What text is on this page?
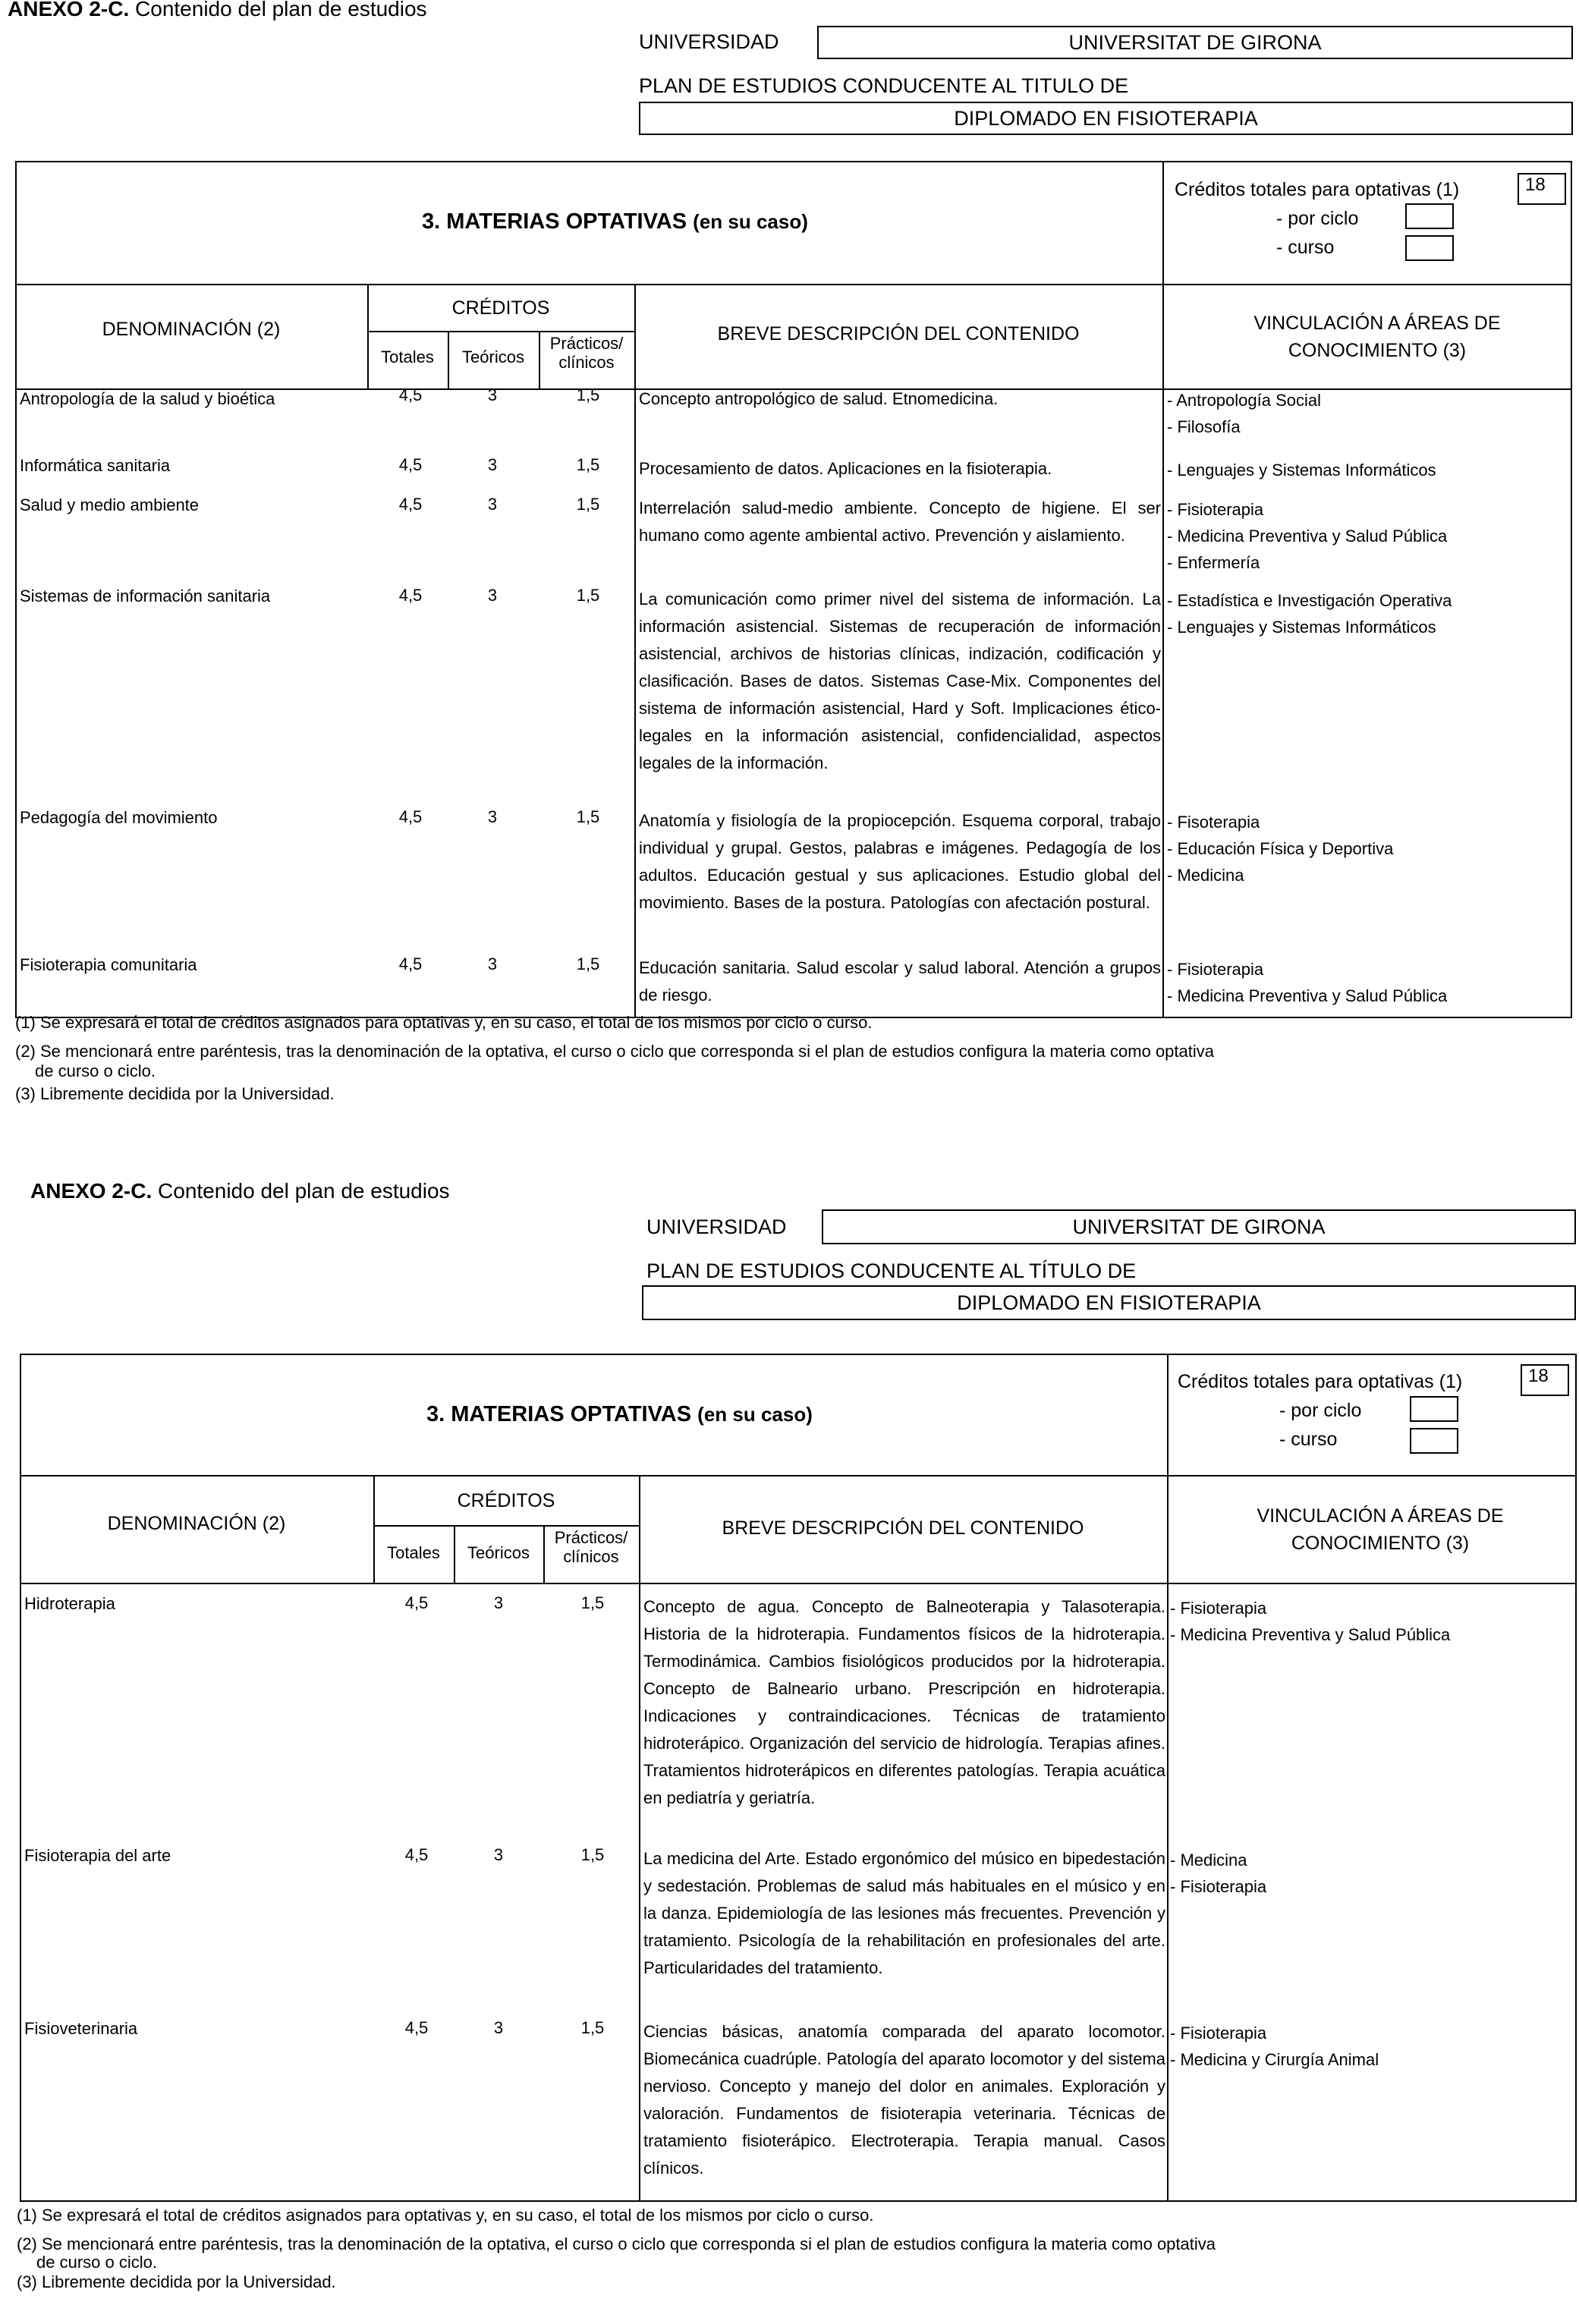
ANEXO 2-C. Contenido del plan de estudios
UNIVERSIDAD	UNIVERSITAT DE GIRONA
PLAN DE ESTUDIOS CONDUCENTE AL TITULO DE
DIPLOMADO EN FISIOTERAPIA
3. MATERIAS OPTATIVAS (en su caso)
Créditos totales para optativas (1)	18
- por ciclo
- curso
DENOMINACIÓN (2)
CRÉDITOS
Totales	Teóricos
Prácticos/ clínicos
BREVE DESCRIPCIÓN DEL CONTENIDO	VINCULACIÓN A ÁREAS DE CONOCIMIENTO (3)
Antropología de la salud y bioética	4,5	3	1,5	Concepto antropológico de salud. Etnomedicina.	- Antropología Social
- Filosofía
Informática sanitaria	4,5	3	1,5	Procesamiento de datos. Aplicaciones en la fisioterapia.	- Lenguajes y Sistemas Informáticos
Salud y medio ambiente	4,5	3	1,5	Interrelación salud-medio ambiente. Concepto de higiene. El ser humano como agente ambiental activo. Prevención y aislamiento.
- Fisioterapia
- Medicina Preventiva y Salud Pública
- Enfermería
Sistemas de información sanitaria	4,5	3	1,5	La comunicación como primer nivel del sistema de información. La información asistencial. Sistemas de recuperación de información asistencial, archivos de historias clínicas, indización, codificación y clasificación. Bases de datos. Sistemas Case-Mix. Componentes del sistema de información asistencial, Hard y Soft. Implicaciones ético-legales en la información asistencial, confidencialidad, aspectos legales de la información.
- Estadística e Investigación Operativa
- Lenguajes y Sistemas Informáticos
Pedagogía del movimiento	4,5	3	1,5	Anatomía y fisiología de la propiocepción. Esquema corporal, trabajo individual y grupal. Gestos, palabras e imágenes. Pedagogía de los adultos. Educación gestual y sus aplicaciones. Estudio global del movimiento. Bases de la postura. Patologías con afectación postural.
- Fisoterapia
- Educación Física y Deportiva
- Medicina
Fisioterapia comunitaria	4,5	3	1,5	Educación sanitaria. Salud escolar y salud laboral. Atención a grupos de riesgo.
- Fisioterapia
- Medicina Preventiva y Salud Pública
(1) Se expresará el total de créditos asignados para optativas y, en su caso, el total de los mismos por ciclo o curso.
(2) Se mencionará entre paréntesis, tras la denominación de la optativa, el curso o ciclo que corresponda si el plan de estudios configura la materia como optativa
de curso o ciclo.
(3) Libremente decidida por la Universidad.
ANEXO 2-C. Contenido del plan de estudios
UNIVERSIDAD	UNIVERSITAT DE GIRONA
PLAN DE ESTUDIOS CONDUCENTE AL TÍTULO DE
DIPLOMADO EN FISIOTERAPIA
3. MATERIAS OPTATIVAS (en su caso)
Créditos totales para optativas (1)	18
- por ciclo
- curso
DENOMINACIÓN (2)
CRÉDITOS
Totales	Teóricos
Prácticos/ clínicos
BREVE DESCRIPCIÓN DEL CONTENIDO
VINCULACIÓN A ÁREAS DE CONOCIMIENTO (3)
Hidroterapia	4,5	3	1,5	Concepto de agua. Concepto de Balneoterapia y Talasoterapia. Historia de la hidroterapia. Fundamentos físicos de la hidroterapia. Termodinámica. Cambios fisiológicos producidos por la hidroterapia. Concepto de Balneario urbano. Prescripción en hidroterapia. Indicaciones y contraindicaciones. Técnicas de tratamiento hidroterápico. Organización del servicio de hidrología. Terapias afines. Tratamientos hidroterápicos en diferentes patologías. Terapia acuática en pediatría y geriatría.
- Fisioterapia
- Medicina Preventiva y Salud Pública
Fisioterapia del arte	4,5	3	1,5	La medicina del Arte. Estado ergonómico del músico en bipedestación y sedestación. Problemas de salud más habituales en el músico y en la danza. Epidemiología de las lesiones más frecuentes. Prevención y tratamiento. Psicología de la rehabilitación en profesionales del arte. Particularidades del tratamiento.
- Medicina
- Fisioterapia
Fisioveterinaria	4,5	3	1,5	Ciencias básicas, anatomía comparada del aparato locomotor. Biomecánica cuadrúple. Patología del aparato locomotor y del sistema nervioso. Concepto y manejo del dolor en animales. Exploración y valoración. Fundamentos de fisioterapia veterinaria. Técnicas de tratamiento fisioterápico. Electroterapia. Terapia manual. Casos clínicos.
- Fisioterapia
- Medicina y Cirurgía Animal
(1) Se expresará el total de créditos asignados para optativas y, en su caso, el total de los mismos por ciclo o curso.
(2) Se mencionará entre paréntesis, tras la denominación de la optativa, el curso o ciclo que corresponda si el plan de estudios configura la materia como optativa
de curso o ciclo.
(3) Libremente decidida por la Universidad.
